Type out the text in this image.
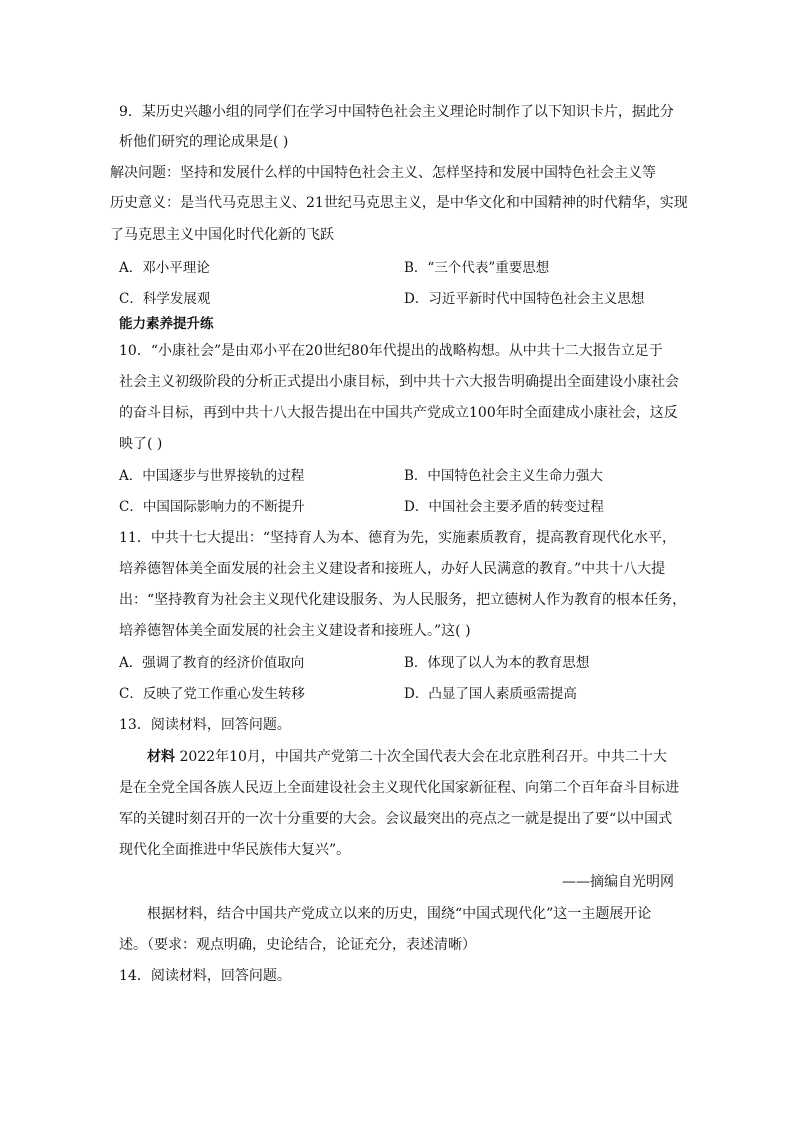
9．某历史兴趣小组的同学们在学习中国特色社会主义理论时制作了以下知识卡片，据此分
析他们研究的理论成果是( )
解决问题：坚持和发展什么样的中国特色社会主义、怎样坚持和发展中国特色社会主义等
历史意义：是当代马克思主义、21世纪马克思主义，是中华文化和中国精神的时代精华，实现
了马克思主义中国化时代化新的飞跃
A．邓小平理论	B．“三个代表”重要思想
C．科学发展观	D．习近平新时代中国特色社会主义思想
能力素养提升练
10．“小康社会”是由邓小平在20世纪80年代提出的战略构想。从中共十二大报告立足于
社会主义初级阶段的分析正式提出小康目标，到中共十六大报告明确提出全面建设小康社会
的奋斗目标，再到中共十八大报告提出在中国共产党成立100年时全面建成小康社会，这反
映了( )
A．中国逐步与世界接轨的过程	B．中国特色社会主义生命力强大
C．中国国际影响力的不断提升	D．中国社会主要矛盾的转变过程
11．中共十七大提出：“坚持育人为本、德育为先，实施素质教育，提高教育现代化水平，
培养德智体美全面发展的社会主义建设者和接班人，办好人民满意的教育。”中共十八大提
出：“坚持教育为社会主义现代化建设服务、为人民服务，把立德树人作为教育的根本任务，
培养德智体美全面发展的社会主义建设者和接班人。”这( )
A．强调了教育的经济价值取向	B．体现了以人为本的教育思想
C．反映了党工作重心发生转移	D．凸显了国人素质亟需提高
13．阅读材料，回答问题。
材料 2022年10月，中国共产党第二十次全国代表大会在北京胜利召开。中共二十大
是在全党全国各族人民迈上全面建设社会主义现代化国家新征程、向第二个百年奋斗目标进
军的关键时刻召开的一次十分重要的大会。会议最突出的亮点之一就是提出了要“以中国式
现代化全面推进中华民族伟大复兴”。
——摘编自光明网
根据材料，结合中国共产党成立以来的历史，围绕“中国式现代化”这一主题展开论
述。（要求：观点明确，史论结合，论证充分，表述清晰）
14．阅读材料，回答问题。
